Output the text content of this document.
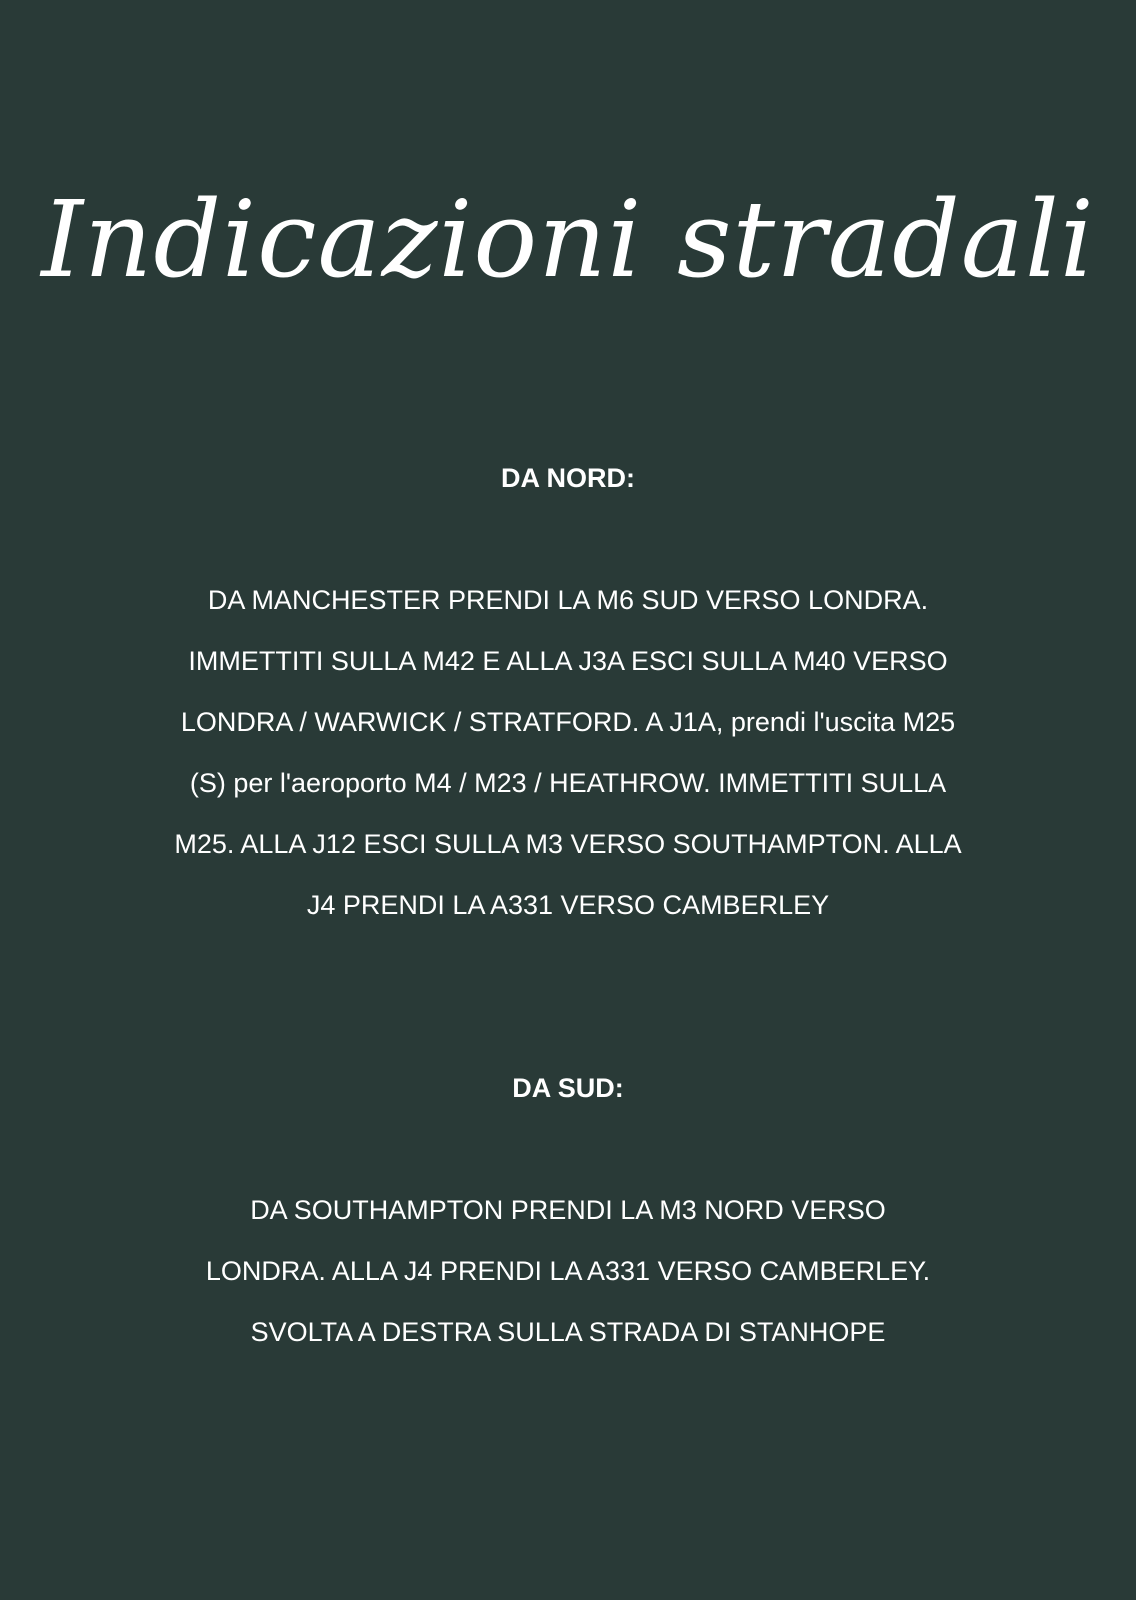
Indicazioni stradali
DA NORD:

DA MANCHESTER PRENDI LA M6 SUD VERSO LONDRA. IMMETTITI SULLA M42 E ALLA J3A ESCI SULLA M40 VERSO LONDRA / WARWICK / STRATFORD. A J1A, prendi l'uscita M25 (S) per l'aeroporto M4 / M23 / HEATHROW. IMMETTITI SULLA M25. ALLA J12 ESCI SULLA M3 VERSO SOUTHAMPTON. ALLA J4 PRENDI LA A331 VERSO CAMBERLEY

DA SUD:

DA SOUTHAMPTON PRENDI LA M3 NORD VERSO LONDRA. ALLA J4 PRENDI LA A331 VERSO CAMBERLEY. SVOLTA A DESTRA SULLA STRADA DI STANHOPE
